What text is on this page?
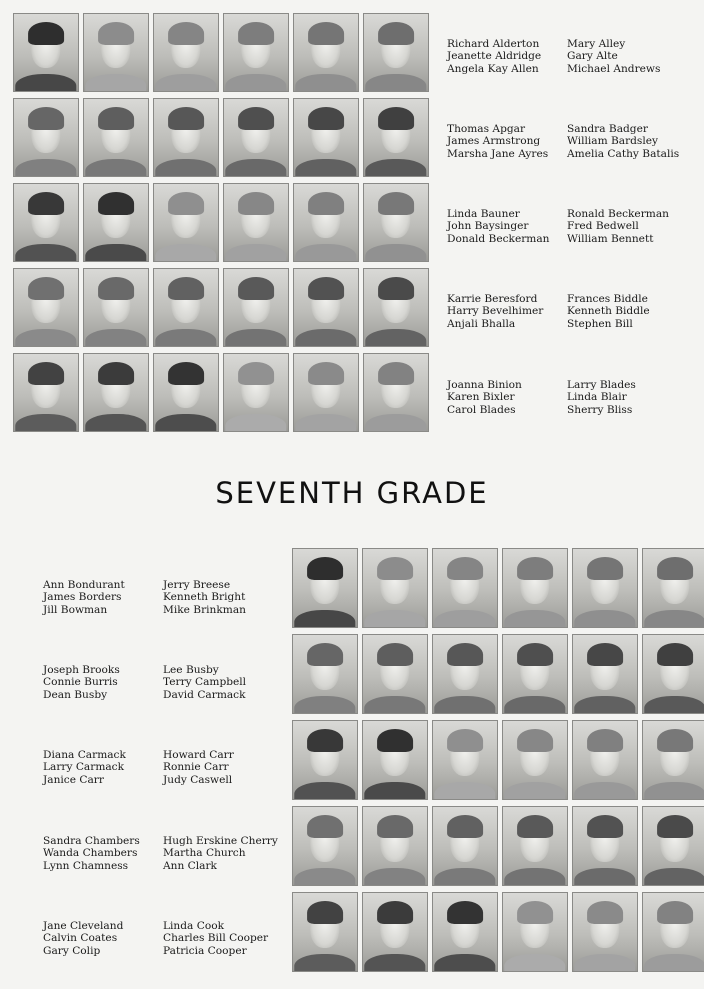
Richard Alderton
Jeanette Aldridge
Angela Kay Allen
Mary Alley
Gary Alte
Michael Andrews
Thomas Apgar
James Armstrong
Marsha Jane Ayres
Sandra Badger
William Bardsley
Amelia Cathy Batalis
Linda Bauner
John Baysinger
Donald Beckerman
Ronald Beckerman
Fred Bedwell
William Bennett
Karrie Beresford
Harry Bevelhimer
Anjali Bhalla
Frances Biddle
Kenneth Biddle
Stephen Bill
Joanna Binion
Karen Bixler
Carol Blades
Larry Blades
Linda Blair
Sherry Bliss
SEVENTH GRADE
Ann Bondurant
James Borders
Jill Bowman
Jerry Breese
Kenneth Bright
Mike Brinkman
Joseph Brooks
Connie Burris
Dean Busby
Lee Busby
Terry Campbell
David Carmack
Diana Carmack
Larry Carmack
Janice Carr
Howard Carr
Ronnie Carr
Judy Caswell
Sandra Chambers
Wanda Chambers
Lynn Chamness
Hugh Erskine Cherry
Martha Church
Ann Clark
Jane Cleveland
Calvin Coates
Gary Colip
Linda Cook
Charles Bill Cooper
Patricia Cooper
